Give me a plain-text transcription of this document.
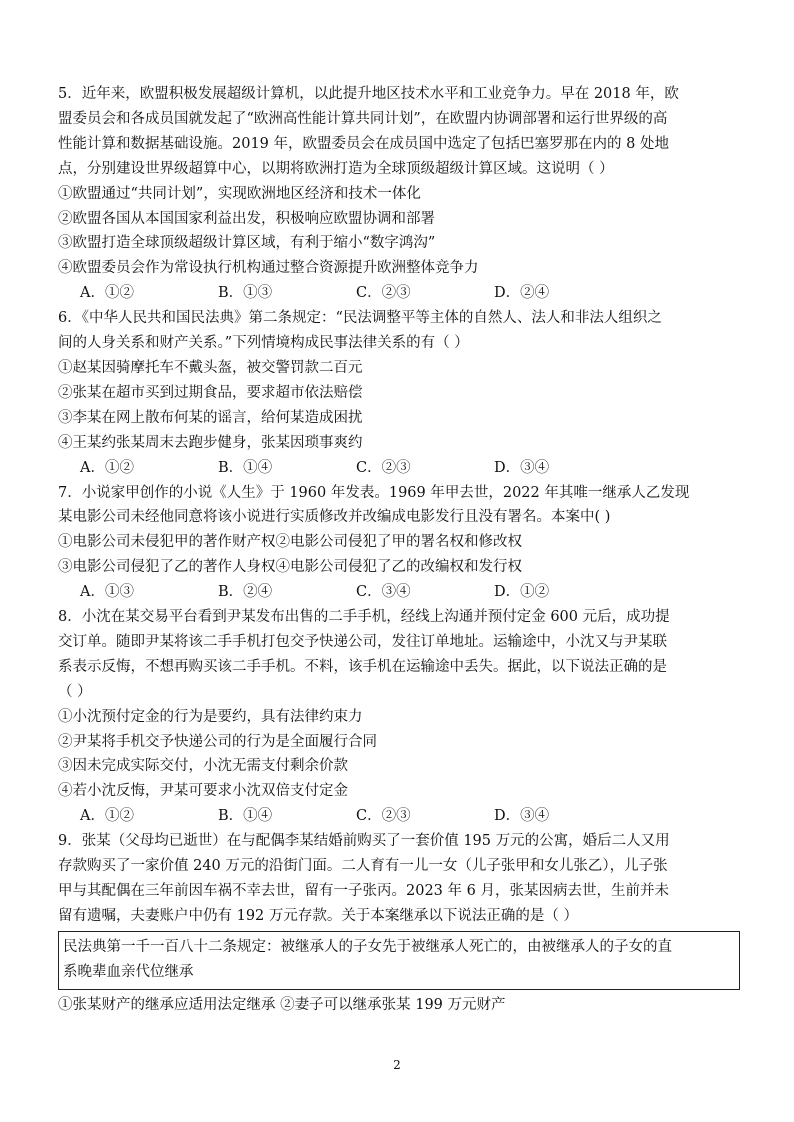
5．近年来，欧盟积极发展超级计算机，以此提升地区技术水平和工业竞争力。早在 2018 年，欧
盟委员会和各成员国就发起了“欧洲高性能计算共同计划”，在欧盟内协调部署和运行世界级的高
性能计算和数据基础设施。2019 年，欧盟委员会在成员国中选定了包括巴塞罗那在内的 8 处地
点，分别建设世界级超算中心，以期将欧洲打造为全球顶级超级计算区域。这说明（ ）
①欧盟通过“共同计划”，实现欧洲地区经济和技术一体化
②欧盟各国从本国国家利益出发，积极响应欧盟协调和部署
③欧盟打造全球顶级超级计算区域，有利于缩小“数字鸿沟”
④欧盟委员会作为常设执行机构通过整合资源提升欧洲整体竞争力
A．①②	B．①③	C．②③	D．②④
6．《中华人民共和国民法典》第二条规定：“民法调整平等主体的自然人、法人和非法人组织之
间的人身关系和财产关系。”下列情境构成民事法律关系的有（ ）
①赵某因骑摩托车不戴头盔，被交警罚款二百元
②张某在超市买到过期食品，要求超市依法赔偿
③李某在网上散布何某的谣言，给何某造成困扰
④王某约张某周末去跑步健身，张某因琐事爽约
A．①②	B．①④	C．②③	D．③④
7．小说家甲创作的小说《人生》于 1960 年发表。1969 年甲去世，2022 年其唯一继承人乙发现
某电影公司未经他同意将该小说进行实质修改并改编成电影发行且没有署名。本案中( )
①电影公司未侵犯甲的著作财产权②电影公司侵犯了甲的署名权和修改权
③电影公司侵犯了乙的著作人身权④电影公司侵犯了乙的改编权和发行权
A．①③	B．②④	C．③④	D．①②
8．小沈在某交易平台看到尹某发布出售的二手手机，经线上沟通并预付定金 600 元后，成功提
交订单。随即尹某将该二手手机打包交予快递公司，发往订单地址。运输途中，小沈又与尹某联
系表示反悔，不想再购买该二手手机。不料，该手机在运输途中丢失。据此，以下说法正确的是
（ ）
①小沈预付定金的行为是要约，具有法律约束力
②尹某将手机交予快递公司的行为是全面履行合同
③因未完成实际交付，小沈无需支付剩余价款
④若小沈反悔，尹某可要求小沈双倍支付定金
A．①②	B．①④	C．②③	D．③④
9．张某（父母均已逝世）在与配偶李某结婚前购买了一套价值 195 万元的公寓，婚后二人又用
存款购买了一家价值 240 万元的沿街门面。二人育有一儿一女（儿子张甲和女儿张乙），儿子张
甲与其配偶在三年前因车祸不幸去世，留有一子张丙。2023 年 6 月，张某因病去世，生前并未
留有遗嘱，夫妻账户中仍有 192 万元存款。关于本案继承以下说法正确的是（ ）
民法典第一千一百八十二条规定：被继承人的子女先于被继承人死亡的，由被继承人的子女的直
系晚辈血亲代位继承
①张某财产的继承应适用法定继承 ②妻子可以继承张某 199 万元财产
2
